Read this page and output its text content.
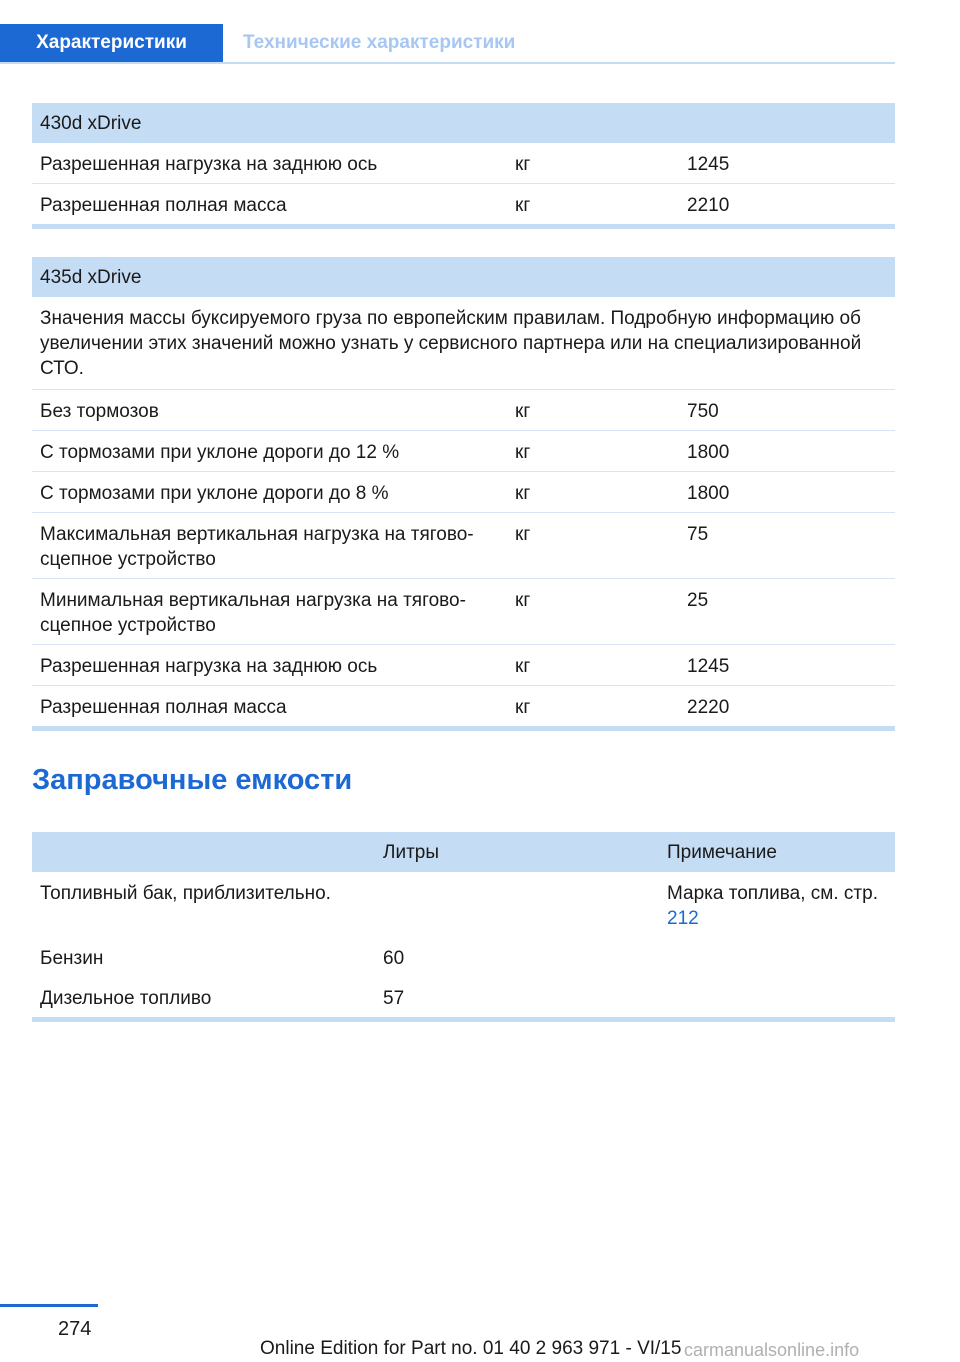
Характеристики	Технические характеристики
430d xDrive		
Разрешенная нагрузка на заднюю ось	кг	1245
Разрешенная полная масса	кг	2210
435d xDrive		
Значения массы буксируемого груза по европейским правилам. Подробную информацию об увеличении этих значений можно узнать у сервисного партнера или на специализированной СТО.		
Без тормозов	кг	750
С тормозами при уклоне дороги до 12 %	кг	1800
С тормозами при уклоне дороги до 8 %	кг	1800
Максимальная вертикальная нагрузка на тягово-сцепное устройство	кг	75
Минимальная вертикальная нагрузка на тягово-сцепное устройство	кг	25
Разрешенная нагрузка на заднюю ось	кг	1245
Разрешенная полная масса	кг	2220
Заправочные емкости
	Литры	Примечание
Топливный бак, приблизительно.		Марка топлива, см. стр. 212
Бензин	60	
Дизельное топливо	57	
274
Online Edition for Part no. 01 40 2 963 971 - VI/15 carmanualsonline.info
